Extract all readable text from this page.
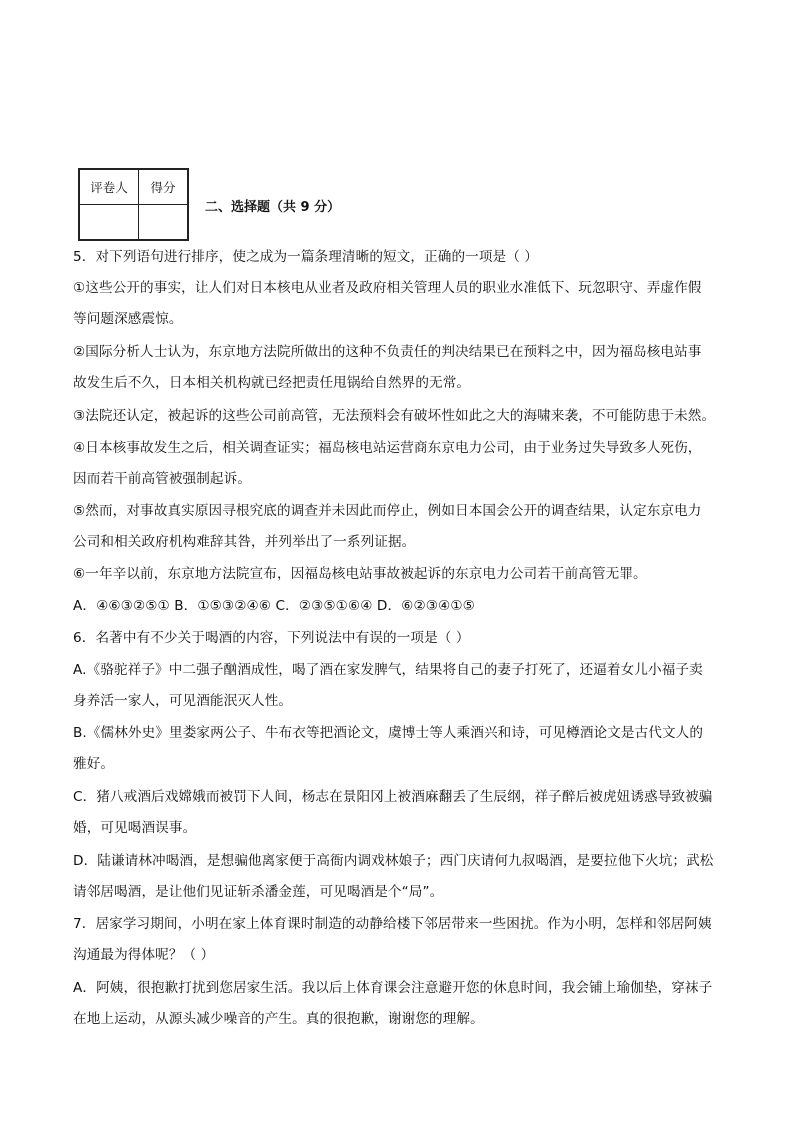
评卷人	得分

二、选择题（共 9 分）
5．对下列语句进行排序，使之成为一篇条理清晰的短文，正确的一项是（ ）
①这些公开的事实，让人们对日本核电从业者及政府相关管理人员的职业水准低下、玩忽职守、弄虚作假
等问题深感震惊。
②国际分析人士认为，东京地方法院所做出的这种不负责任的判决结果已在预料之中，因为福岛核电站事
故发生后不久，日本相关机构就已经把责任甩锅给自然界的无常。
③法院还认定，被起诉的这些公司前高管，无法预料会有破坏性如此之大的海啸来袭，不可能防患于未然。
④日本核事故发生之后，相关调查证实；福岛核电站运营商东京电力公司，由于业务过失导致多人死伤，
因而若干前高管被强制起诉。
⑤然而，对事故真实原因寻根究底的调查并未因此而停止，例如日本国会公开的调查结果，认定东京电力
公司和相关政府机构难辞其咎，并列举出了一系列证据。
⑥一年辛以前，东京地方法院宣布，因福岛核电站事故被起诉的东京电力公司若干前高管无罪。
A．④⑥③②⑤① B．①⑤③②④⑥ C．②③⑤①⑥④ D．⑥②③④①⑤
6．名著中有不少关于喝酒的内容，下列说法中有误的一项是（ ）
A.《骆驼祥子》中二强子酗酒成性，喝了酒在家发脾气，结果将自己的妻子打死了，还逼着女儿小福子卖
身养活一家人，可见酒能泯灭人性。
B.《儒林外史》里娄家两公子、牛布衣等把酒论文，虞博士等人乘酒兴和诗，可见樽酒论文是古代文人的
雅好。
C．猪八戒酒后戏嫦娥而被罚下人间，杨志在景阳冈上被酒麻翻丢了生辰纲，祥子醉后被虎妞诱惑导致被骗
婚，可见喝酒误事。
D．陆谦请林冲喝酒，是想骗他离家便于高衙内调戏林娘子；西门庆请何九叔喝酒，是要拉他下火坑；武松
请邻居喝酒，是让他们见证斩杀潘金莲，可见喝酒是个“局”。
7．居家学习期间，小明在家上体育课时制造的动静给楼下邻居带来一些困扰。作为小明，怎样和邻居阿姨
沟通最为得体呢？（ ）
A．阿姨，很抱歉打扰到您居家生活。我以后上体育课会注意避开您的休息时间，我会铺上瑜伽垫，穿袜子
在地上运动，从源头减少噪音的产生。真的很抱歉，谢谢您的理解。
